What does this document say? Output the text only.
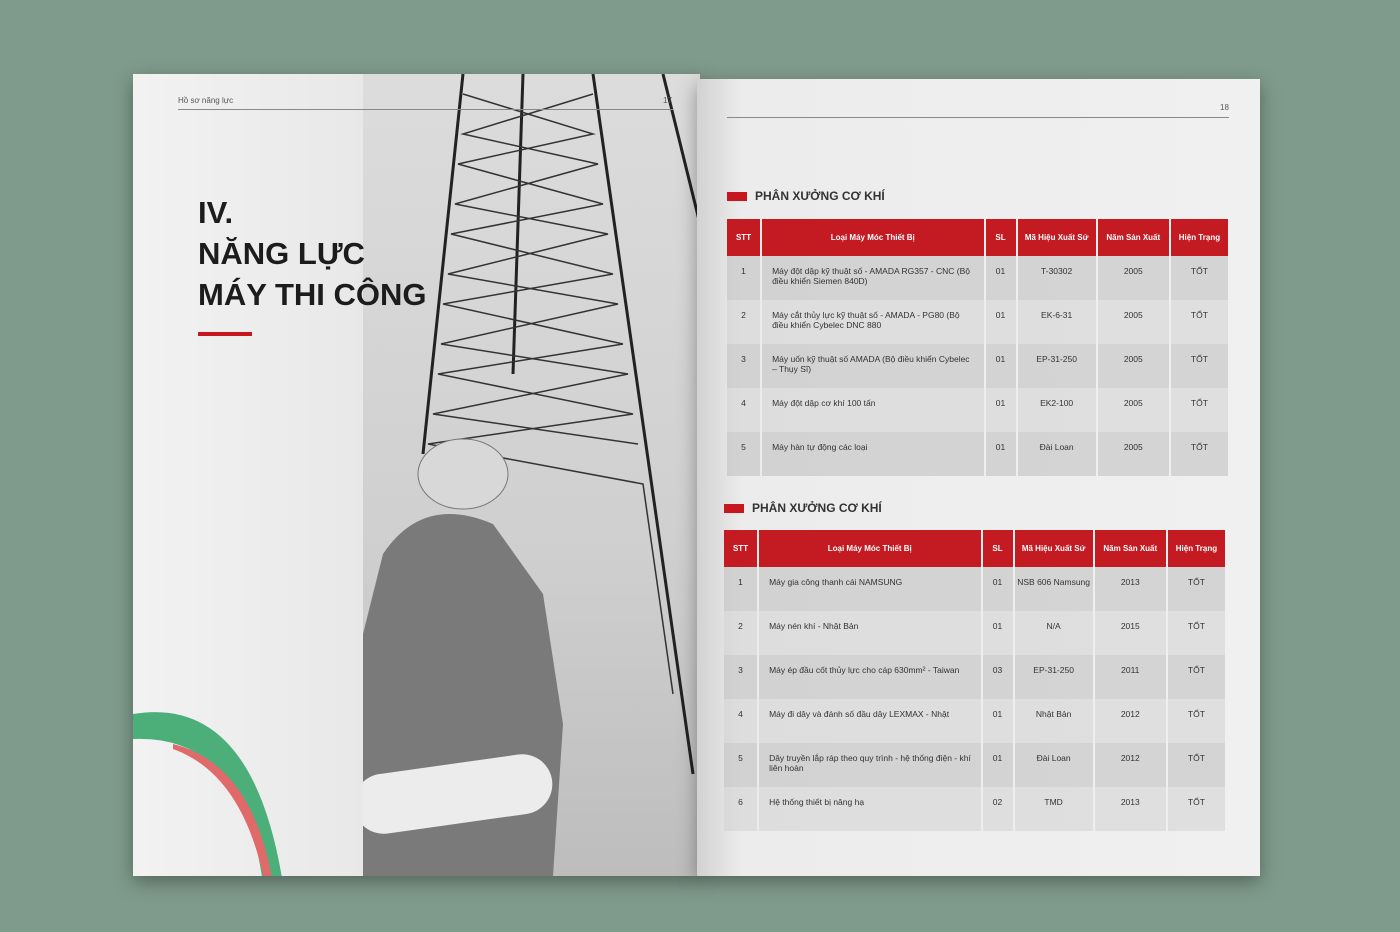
Hồ sơ năng lực	17
IV.
NĂNG LỰC
MÁY THI CÔNG
18
PHÂN XƯỞNG CƠ KHÍ
STT	Loại Máy Móc Thiết Bị	SL	Mã Hiệu Xuất Sứ	Năm Sản Xuất	Hiện Trạng
1	Máy đột dập kỹ thuật số - AMADA RG357 - CNC (Bộ điều khiển Siemen 840D)	01	T-30302	2005	TỐT
2	Máy cắt thủy lực kỹ thuật số - AMADA - PG80 (Bộ điều khiển Cybelec DNC 880	01	EK-6-31	2005	TỐT
3	Máy uốn kỹ thuật số AMADA (Bộ điều khiển Cybelec – Thụy Sĩ)	01	EP-31-250	2005	TỐT
4	Máy đột dập cơ khí 100 tấn	01	EK2-100	2005	TỐT
5	Máy hàn tự động các loại	01	Đài Loan	2005	TỐT
PHÂN XƯỞNG CƠ KHÍ
STT	Loại Máy Móc Thiết Bị	SL	Mã Hiệu Xuất Sứ	Năm Sản Xuất	Hiện Trạng
1	Máy gia công thanh cái NAMSUNG	01	NSB 606 Namsung	2013	TỐT
2	Máy nén khí - Nhật Bản	01	N/A	2015	TỐT
3	Máy ép đầu cốt thủy lực cho cáp 630mm² - Taiwan	03	EP-31-250	2011	TỐT
4	Máy đi dây và đánh số đầu dây LEXMAX - Nhật	01	Nhật Bản	2012	TỐT
5	Dây truyền lắp ráp theo quy trình - hệ thống điện - khí liên hoàn	01	Đài Loan	2012	TỐT
6	Hệ thống thiết bị nâng hạ	02	TMD	2013	TỐT
